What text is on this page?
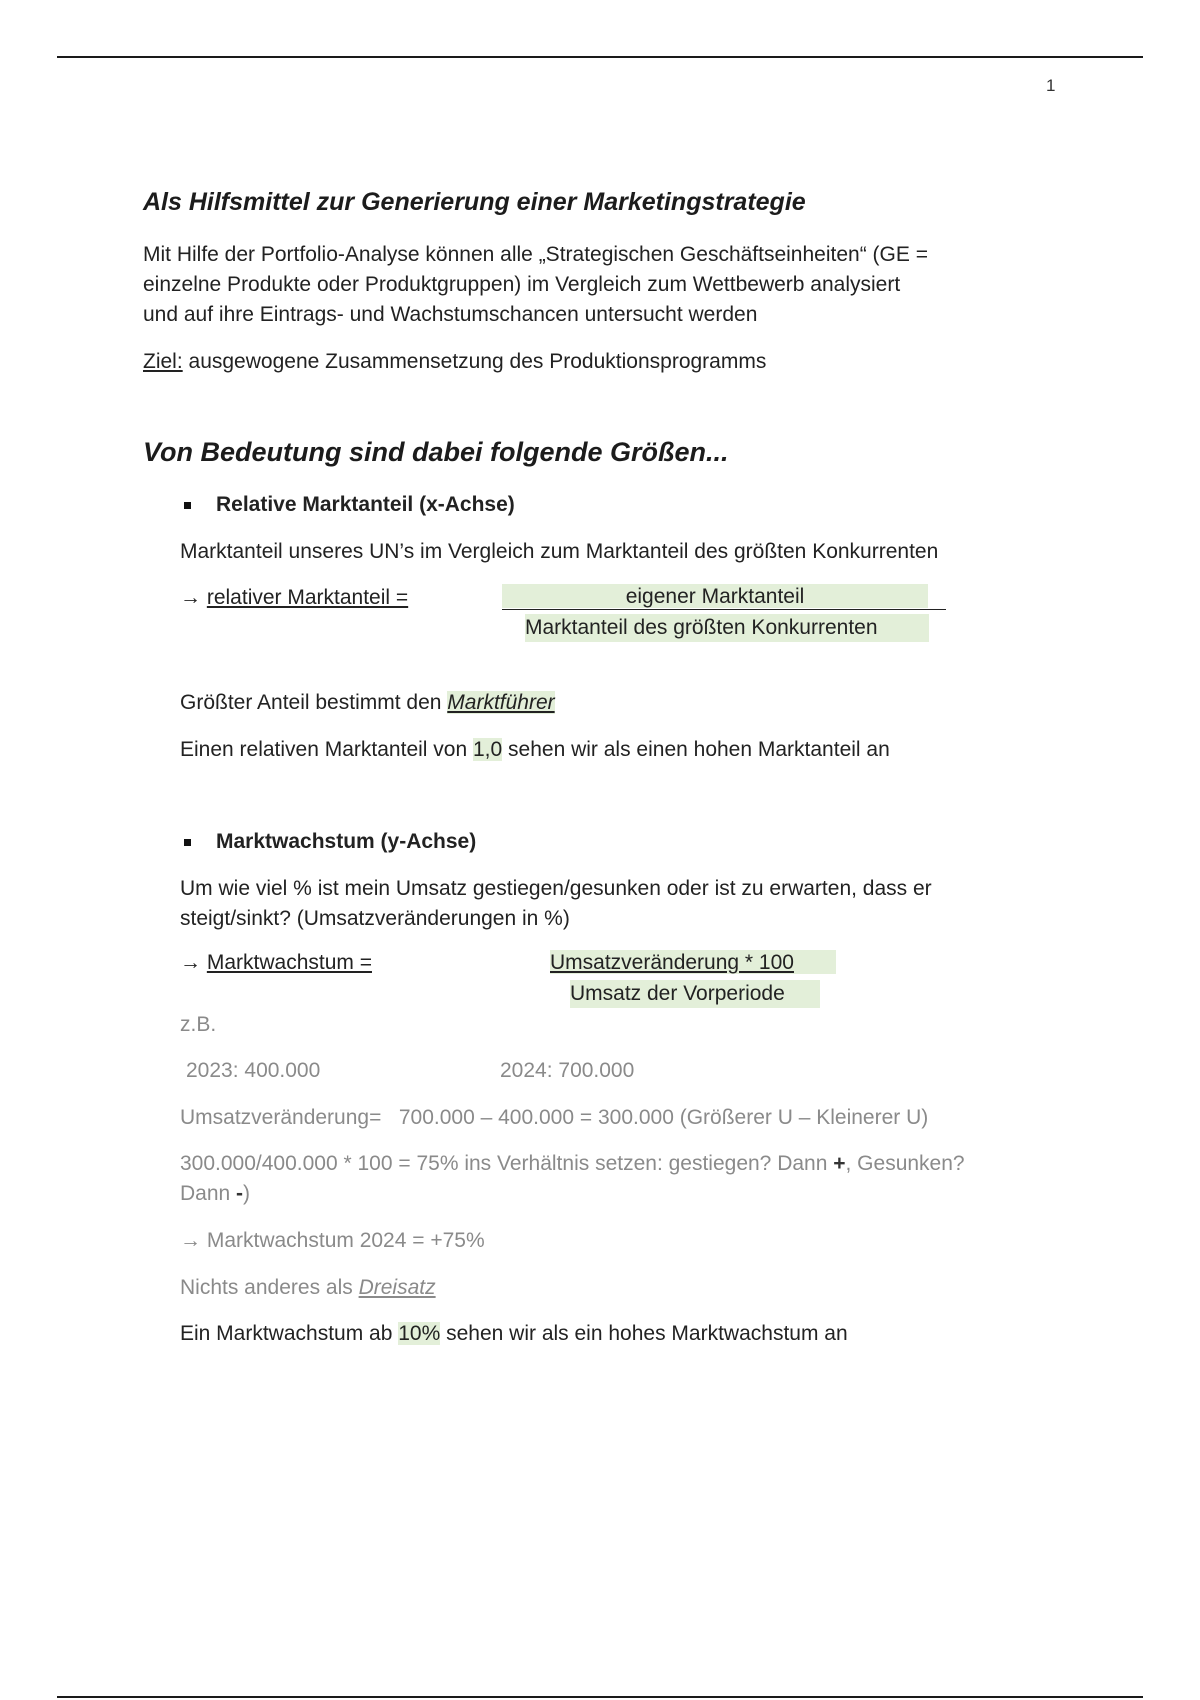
1
Als Hilfsmittel zur Generierung einer Marketingstrategie
Mit Hilfe der Portfolio-Analyse können alle „Strategischen Geschäftseinheiten“ (GE =
einzelne Produkte oder Produktgruppen) im Vergleich zum Wettbewerb analysiert
und auf ihre Eintrags- und Wachstumschancen untersucht werden
Ziel: ausgewogene Zusammensetzung des Produktionsprogramms
Von Bedeutung sind dabei folgende Größen...
Relative Marktanteil (x-Achse)
Marktanteil unseres UN’s im Vergleich zum Marktanteil des größten Konkurrenten
→ relativer Marktanteil =	eigener Marktanteil
Marktanteil des größten Konkurrenten
Größter Anteil bestimmt den Marktführer
Einen relativen Marktanteil von 1,0 sehen wir als einen hohen Marktanteil an
Marktwachstum (y-Achse)
Um wie viel % ist mein Umsatz gestiegen/gesunken oder ist zu erwarten, dass er
steigt/sinkt? (Umsatzveränderungen in %)
→ Marktwachstum =	Umsatzveränderung * 100
Umsatz der Vorperiode
z.B.
2023: 400.000	2024: 700.000
Umsatzveränderung=   700.000 – 400.000 = 300.000 (Größerer U – Kleinerer U)
300.000/400.000 * 100 = 75% ins Verhältnis setzen: gestiegen? Dann +, Gesunken?
Dann -)
→ Marktwachstum 2024 = +75%
Nichts anderes als Dreisatz
Ein Marktwachstum ab 10% sehen wir als ein hohes Marktwachstum an
